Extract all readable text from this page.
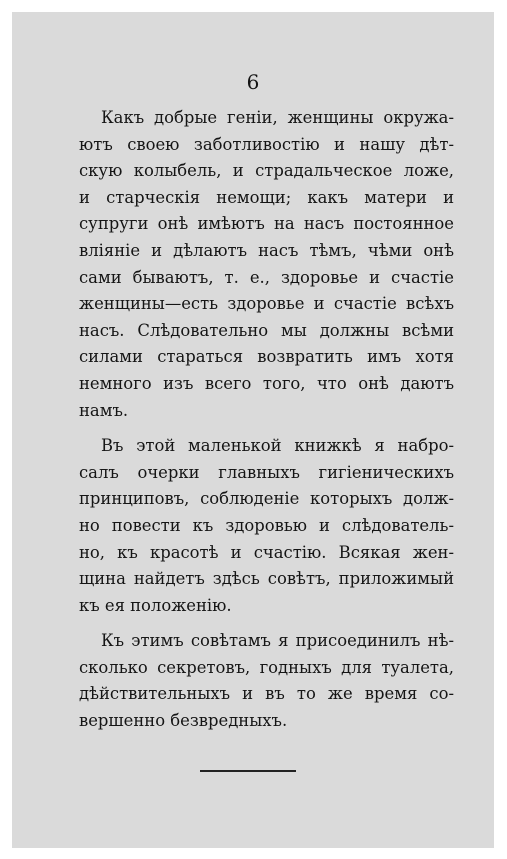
6
Какъ добрые геніи, женщины окружа-
ютъ своею заботливостію и нашу дѣт-
скую колыбель, и страдальческое ложе,
и старческія немощи; какъ матери и
супруги онѣ имѣютъ на насъ постоянное
вліяніе и дѣлаютъ насъ тѣмъ, чѣми онѣ
сами бываютъ, т. е., здоровье и счастіе
женщины—есть здоровье и счастіе всѣхъ
насъ. Слѣдовательно мы должны всѣми
силами стараться возвратить имъ хотя
немного изъ всего того, что онѣ даютъ
намъ.
Въ этой маленькой книжкѣ я набро-
салъ очерки главныхъ гигіеническихъ
принциповъ, соблюденіе которыхъ долж-
но повести къ здоровью и слѣдователь-
но, къ красотѣ и счастію. Всякая жен-
щина найдетъ здѣсь совѣтъ, приложимый
къ ея положенію.
Къ этимъ совѣтамъ я присоединилъ нѣ-
сколько секретовъ, годныхъ для туалета,
дѣйствительныхъ и въ то же время со-
вершенно безвредныхъ.
